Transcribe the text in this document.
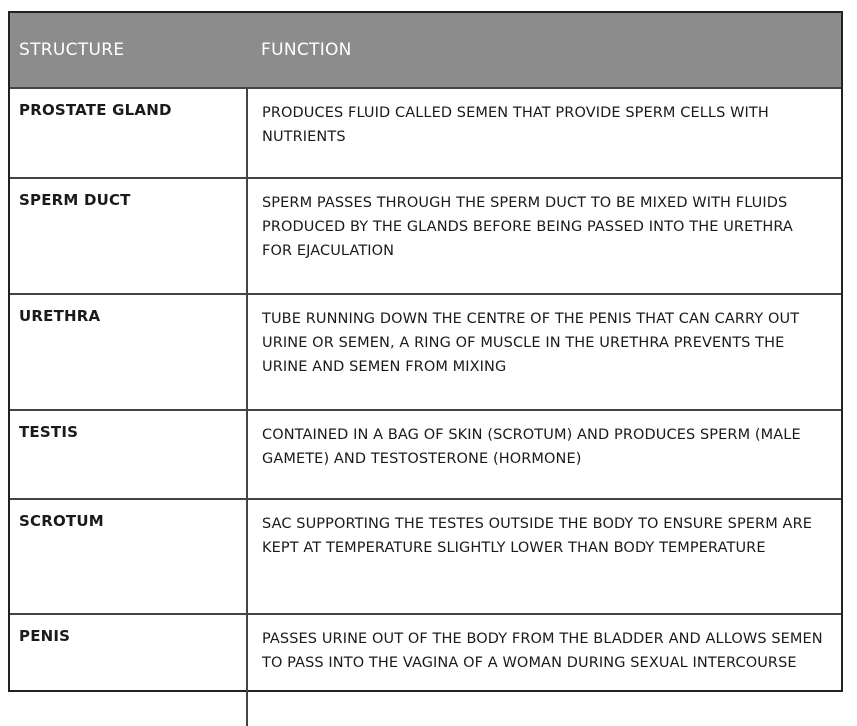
STRUCTURE	FUNCTION
PROSTATE GLAND	PRODUCES FLUID CALLED SEMEN THAT PROVIDE SPERM CELLS WITH NUTRIENTS
SPERM DUCT	SPERM PASSES THROUGH THE SPERM DUCT TO BE MIXED WITH FLUIDS PRODUCED BY THE GLANDS BEFORE BEING PASSED INTO THE URETHRA FOR EJACULATION
URETHRA	TUBE RUNNING DOWN THE CENTRE OF THE PENIS THAT CAN CARRY OUT URINE OR SEMEN, A RING OF MUSCLE IN THE URETHRA PREVENTS THE URINE AND SEMEN FROM MIXING
TESTIS	CONTAINED IN A BAG OF SKIN (SCROTUM) AND PRODUCES SPERM (MALE GAMETE) AND TESTOSTERONE (HORMONE)
SCROTUM	SAC SUPPORTING THE TESTES OUTSIDE THE BODY TO ENSURE SPERM ARE KEPT AT TEMPERATURE SLIGHTLY LOWER THAN BODY TEMPERATURE
PENIS	PASSES URINE OUT OF THE BODY FROM THE BLADDER AND ALLOWS SEMEN TO PASS INTO THE VAGINA OF A WOMAN DURING SEXUAL INTERCOURSE
